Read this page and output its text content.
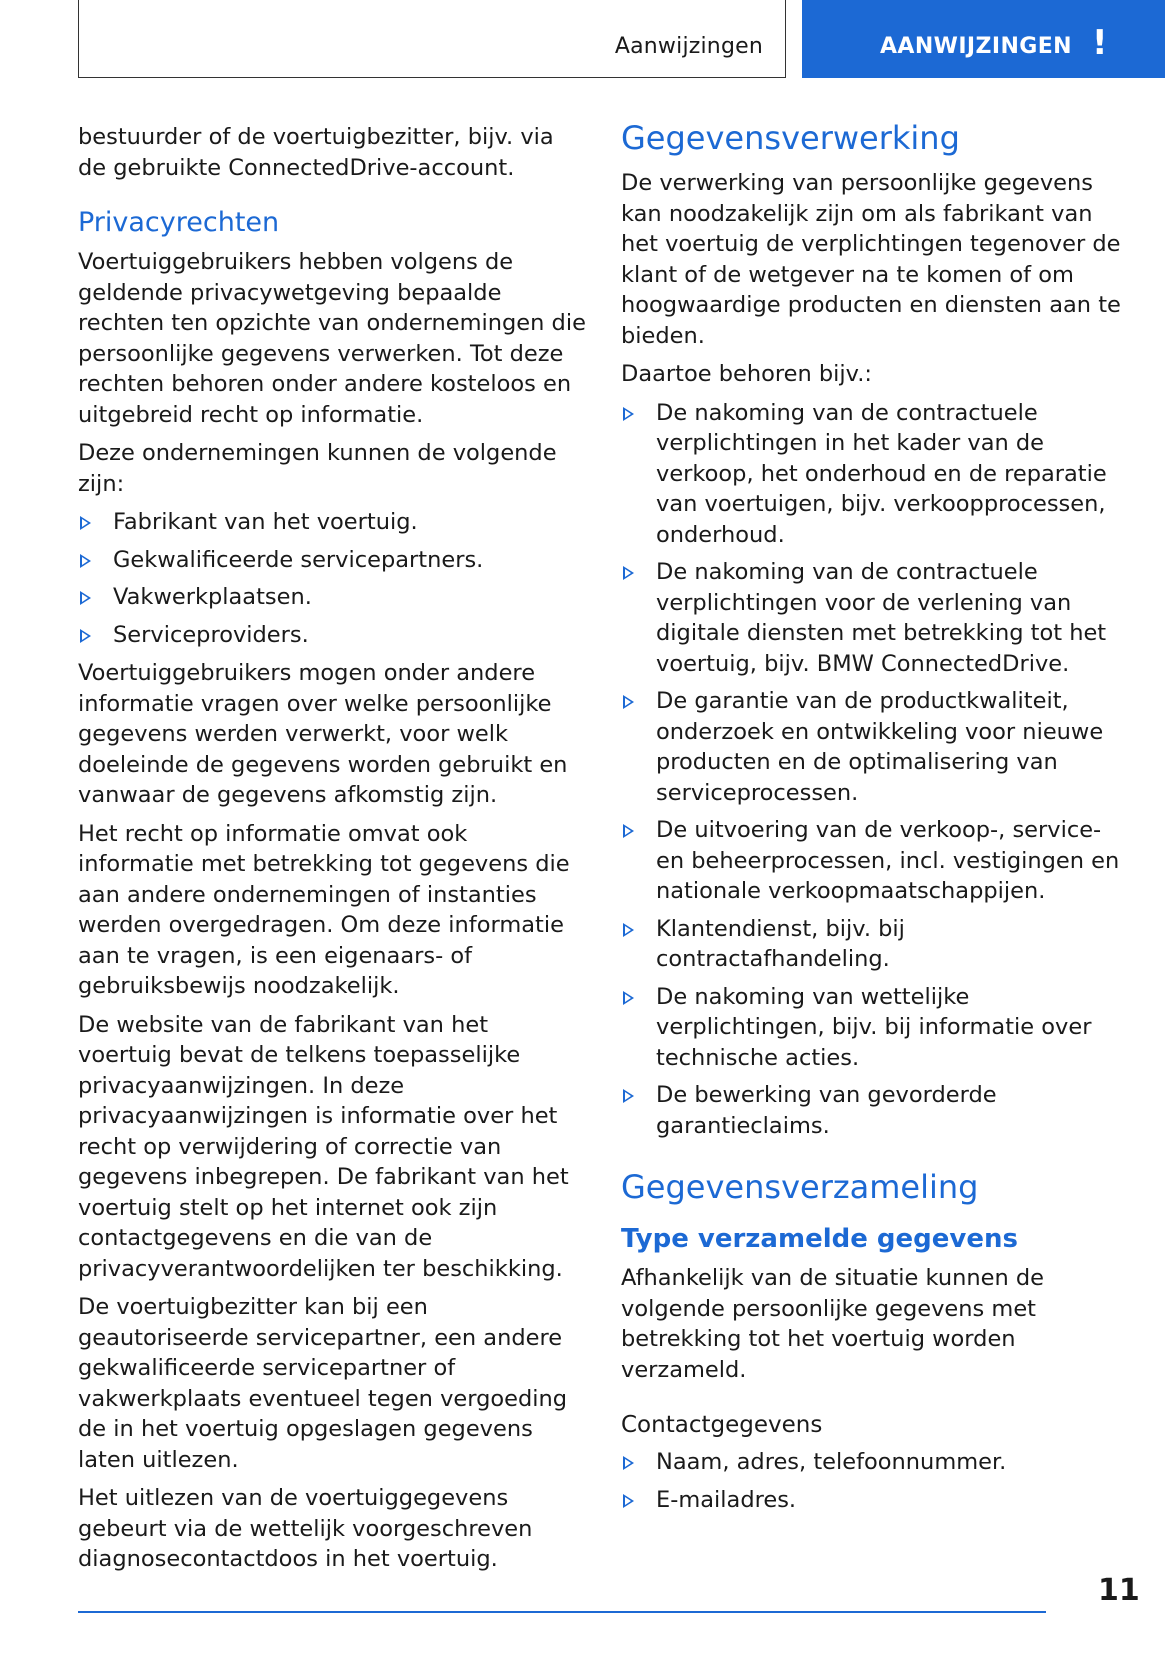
Aanwijzingen	AANWIJZINGEN !

bestuurder of de voertuigbezitter, bijv. via de gebruikte ConnectedDrive-account.

Privacyrechten

Voertuiggebruikers hebben volgens de geldende privacywetgeving bepaalde rechten ten opzichte van ondernemingen die persoonlijke gegevens verwerken. Tot deze rechten behoren onder andere kosteloos en uitgebreid recht op informatie.

Deze ondernemingen kunnen de volgende zijn:

Fabrikant van het voertuig.
Gekwalificeerde servicepartners.
Vakwerkplaatsen.
Serviceproviders.

Voertuiggebruikers mogen onder andere informatie vragen over welke persoonlijke gegevens werden verwerkt, voor welk doeleinde de gegevens worden gebruikt en vanwaar de gegevens afkomstig zijn.

Het recht op informatie omvat ook informatie met betrekking tot gegevens die aan andere ondernemingen of instanties werden overgedragen. Om deze informatie aan te vragen, is een eigenaars- of gebruiksbewijs noodzakelijk.

De website van de fabrikant van het voertuig bevat de telkens toepasselijke privacyaanwijzingen. In deze privacyaanwijzingen is informatie over het recht op verwijdering of correctie van gegevens inbegrepen. De fabrikant van het voertuig stelt op het internet ook zijn contactgegevens en die van de privacyverantwoordelijken ter beschikking.

De voertuigbezitter kan bij een geautoriseerde servicepartner, een andere gekwalificeerde servicepartner of vakwerkplaats eventueel tegen vergoeding de in het voertuig opgeslagen gegevens laten uitlezen.

Het uitlezen van de voertuiggegevens gebeurt via de wettelijk voorgeschreven diagnosecontactdoos in het voertuig.

Gegevensverwerking

De verwerking van persoonlijke gegevens kan noodzakelijk zijn om als fabrikant van het voertuig de verplichtingen tegenover de klant of de wetgever na te komen of om hoogwaardige producten en diensten aan te bieden.

Daartoe behoren bijv.:

De nakoming van de contractuele verplichtingen in het kader van de verkoop, het onderhoud en de reparatie van voertuigen, bijv. verkoopprocessen, onderhoud.
De nakoming van de contractuele verplichtingen voor de verlening van digitale diensten met betrekking tot het voertuig, bijv. BMW ConnectedDrive.
De garantie van de productkwaliteit, onderzoek en ontwikkeling voor nieuwe producten en de optimalisering van serviceprocessen.
De uitvoering van de verkoop-, service- en beheerprocessen, incl. vestigingen en nationale verkoopmaatschappijen.
Klantendienst, bijv. bij contractafhandeling.
De nakoming van wettelijke verplichtingen, bijv. bij informatie over technische acties.
De bewerking van gevorderde garantieclaims.
Gegevensverzameling
Type verzamelde gegevens

Afhankelijk van de situatie kunnen de volgende persoonlijke gegevens met betrekking tot het voertuig worden verzameld.

Contactgegevens
Naam, adres, telefoonnummer.
E-mailadres.
11
